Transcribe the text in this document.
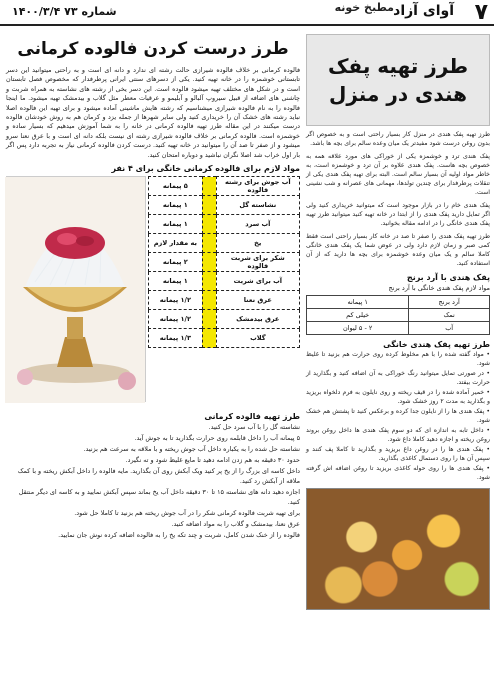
۷
آوای آزاد
مطبخ خونه
شماره ۷۳ ۱۴۰۰/۳/۴
طرز تهیه پفک
هندی در منزل
طرز تهیه پفک هندی در منزل کار بسیار راحتی است و به خصوص اگر بدون روغن درست شود مفیدتر یک میان وعده سالم برای بچه ها باشد.
پفک هندی ترد و خوشمزه یکی از خوراکی های مورد علاقه همه به خصوص بچه هاست. پفک هندی علاوه بر آن ترد و خوشمزه است، به خاطر مواد اولیه آن بسیار سالم است. البته برای تهیه پفک هندی یکی از تنقلات پرطرفدار برای چندین تولدها، مهمانی های عصرانه و شب نشینی است.
پفک هندی خام را در بازار موجود است که میتوانید خریداری کنید ولی اگر تمایل دارید پفک هندی را از ابتدا در خانه تهیه کنید میتوانید طرز تهیه پفک هندی خانگی را در ادامه مقاله بخوانید.
طرز تهیه پفک هندی را صفر تا صد در خانه کار بسیار راحتی است فقط کمی صبر و زمان لازم دارد ولی در عوض شما یک پفک هندی خانگی کاملا سالم و یک میان وعده خوشمزه برای بچه ها دارید که از آن استفاده کنید.
پفک هندی با آرد برنج
مواد لازم پفک هندی خانگی با آرد برنج
آرد برنج	۱ پیمانه
نمک	خیلی کم
آب	۲ - ۵ لیوان
طرز تهیه پفک هندی خانگی
• مواد گفته شده را با هم مخلوط کرده روی حرارت هم بزنید تا غلیظ شود.
• در صورتی تمایل میتوانید رنگ خوراکی به آن اضافه کنید و بگذارید از حرارت بیفتد.
• خمیر آماده شده را در قیف ریخته و روی نایلون به فرم دلخواه بریزید و بگذارید به مدت ۲ روز خشک شود.
• پفک هندی ها را از نایلون جدا کرده و برعکس کنید تا پشتش هم خشک شود.
• داخل تابه به اندازه ای که دو سوم پفک هندی ها داخل روغن بروند روغن ریخته و اجازه دهید کاملا داغ شود.
• پفک هندی ها را در روغن داغ بریزید و بگذارید تا کاملا پف کنند و سپس آن ها را روی دستمال کاغذی بگذارید.
• پفک هندی ها را روی حوله کاغذی بریزید تا روغن اضافه اش گرفته شود.
طرز درست کردن فالوده کرمانی
فالوده کرمانی بر خلاف فالوده شیرازی حالت رشته ای ندارد و دانه ای است و به راحتی میتوانید این دسر تابستانی خوشمزه را در خانه تهیه کنید. یکی از دسرهای سنتی ایرانی پرطرفدار که مخصوص فصل تابستان است و در شکل های مختلف تهیه میشود فالوده است. این دسر یخی از رشته های نشاسته به همراه شربت و چاشنی های اضافه از قبیل سیروپ آلبالو و آبلیمو و عرقیات معطر مثل گلاب و بیدمشک تهیه میشود. ما اینجا فالوده را به نام فالوده شیرازی میشناسیم که رشته هایش ماشینی آماده میشود و برای تهیه این فالوده اصلا نباید رشته های خشک آن را خریداری کنید ولی سایر شهرها از جمله یزد و کرمان هم به روش خودشان فالوده درست میکنند در این مقاله طرز تهیه فالوده کرمانی در خانه را به شما آموزش میدهیم که بسیار ساده و خوشمزه است. فالوده کرمانی بر خلاف فالوده شیرازی رشته ای نیست بلکه دانه ای است و با عرق نعنا سرو میشود و از صفر تا صد آن را میتوانید در خانه تهیه کنید. درست کردن فالوده کرمانی نیاز به تجربه دارد پس اگر بار اول خراب شد اصلا نگران نباشید و دوباره امتحان کنید.
مواد لازم برای فالوده کرمانی خانگی برای ۴ نفر
آب جوش برای رشته فالوده		۵ پیمانه
نشاسته گل		۱ پیمانه
آب سرد		۱ پیمانه
یخ		به مقدار لازم
شکر برای شربت فالوده		۲ پیمانه
آب برای شربت		۱ پیمانه
عرق نعنا		۱/۲ پیمانه
عرق بیدمشک		۱/۲ پیمانه
گلاب		۱/۳ پیمانه
طرز تهیه فالوده کرمانی
نشاسته گل را با آب سرد حل کنید.
۵ پیمانه آب را داخل قابلمه روی حرارت بگذارید تا به جوش آید.
نشاسته حل شده را به یکباره داخل آب جوش ریخته و با ملاقه به سرعت هم بزنید.
حدود ۳۰ دقیقه به هم زدن ادامه دهید تا مایع غلیظ شود و ته نگیرد.
داخل کاسه ای بزرگ را از یخ پر کنید ویک آبکش روی آن بگذارید. مایه فالوده را داخل آبکش ریخته و با کمک ملاقه از آبکش رد کنید.
اجازه دهید دانه های نشاسته ۱۵ تا ۳۰ دقیقه داخل آب یخ بماند سپس آبکش نمایید و به کاسه ای دیگر منتقل کنید.
برای تهیه شربت فالوده کرمانی شکر را در آب جوش ریخته هم بزنید تا کاملا حل شود.
عرق نعنا، بیدمشک و گلاب را به مواد اضافه کنید.
فالوده را از خنک شدن کامل، شربت و چند تکه یخ را به فالوده اضافه کرده نوش جان نمایید.
